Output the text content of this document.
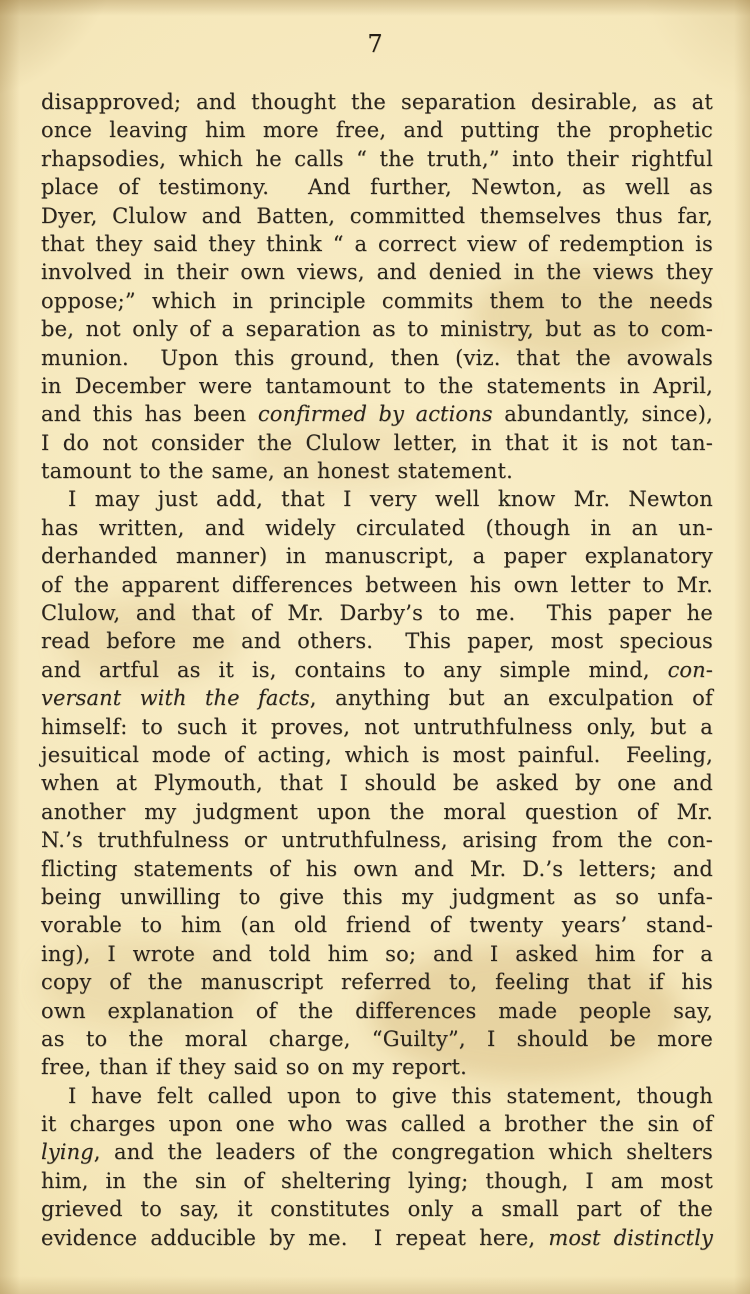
7
disapproved; and thought the separation desirable, as at
once leaving him more free, and putting the prophetic
rhapsodies, which he calls “ the truth,” into their rightful
place of testimony.  And further, Newton, as well as
Dyer, Clulow and Batten, committed themselves thus far,
that they said they think “ a correct view of redemption is
involved in their own views, and denied in the views they
oppose;” which in principle commits them to the needs
be, not only of a separation as to ministry, but as to com-
munion.  Upon this ground, then (viz. that the avowals
in December were tantamount to the statements in April,
and this has been confirmed by actions abundantly, since),
I do not consider the Clulow letter, in that it is not tan-
tamount to the same, an honest statement.
I may just add, that I very well know Mr. Newton
has written, and widely circulated (though in an un-
derhanded manner) in manuscript, a paper explanatory
of the apparent differences between his own letter to Mr.
Clulow, and that of Mr. Darby’s to me.  This paper he
read before me and others.  This paper, most specious
and artful as it is, contains to any simple mind, con-
versant with the facts, anything but an exculpation of
himself: to such it proves, not untruthfulness only, but a
jesuitical mode of acting, which is most painful.  Feeling,
when at Plymouth, that I should be asked by one and
another my judgment upon the moral question of Mr.
N.’s truthfulness or untruthfulness, arising from the con-
flicting statements of his own and Mr. D.’s letters; and
being unwilling to give this my judgment as so unfa-
vorable to him (an old friend of twenty years’ stand-
ing), I wrote and told him so; and I asked him for a
copy of the manuscript referred to, feeling that if his
own explanation of the differences made people say,
as to the moral charge, “Guilty”, I should be more
free, than if they said so on my report.
I have felt called upon to give this statement, though
it charges upon one who was called a brother the sin of
lying, and the leaders of the congregation which shelters
him, in the sin of sheltering lying; though, I am most
grieved to say, it constitutes only a small part of the
evidence adducible by me.  I repeat here, most distinctly
